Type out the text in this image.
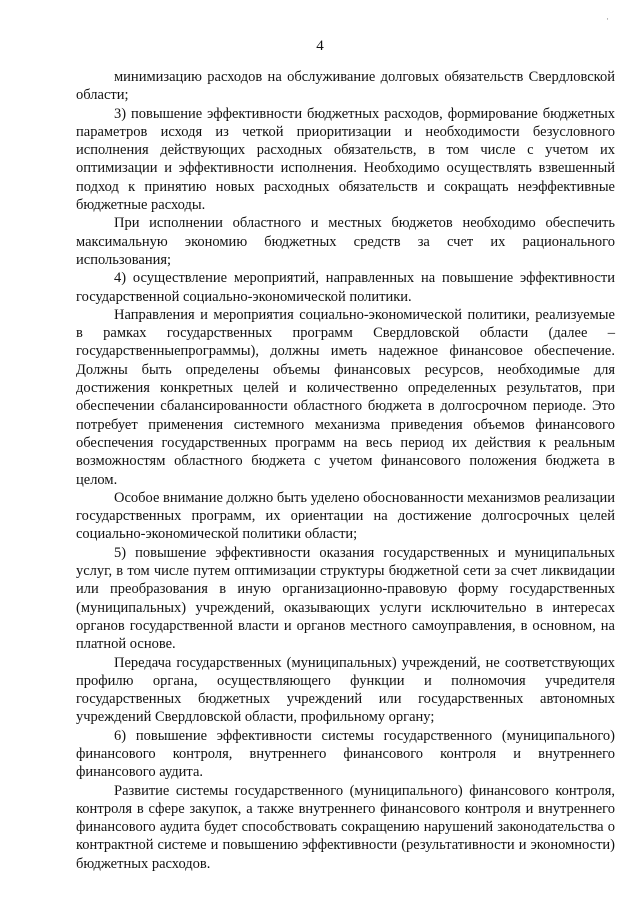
·
4

минимизацию расходов на обслуживание долговых обязательств Свердловской области;

3) повышение эффективности бюджетных расходов, формирование бюджетных параметров исходя из четкой приоритизации и необходимости безусловного исполнения действующих расходных обязательств, в том числе с учетом их оптимизации и эффективности исполнения. Необходимо осуществлять взвешенный подход к принятию новых расходных обязательств и сокращать неэффективные бюджетные расходы.

При исполнении областного и местных бюджетов необходимо обеспечить максимальную экономию бюджетных средств за счет их рационального использования;

4) осуществление мероприятий, направленных на повышение эффективности государственной социально-экономической политики.

Направления и мероприятия социально-экономической политики, реализуемые в рамках государственных программ Свердловской области (далее – государственныепрограммы), должны иметь надежное финансовое обеспечение. Должны быть определены объемы финансовых ресурсов, необходимые для достижения конкретных целей и количественно определенных результатов, при обеспечении сбалансированности областного бюджета в долгосрочном периоде. Это потребует применения системного механизма приведения объемов финансового обеспечения государственных программ на весь период их действия к реальным возможностям областного бюджета с учетом финансового положения бюджета в целом.

Особое внимание должно быть уделено обоснованности механизмов реализации государственных программ, их ориентации на достижение долгосрочных целей социально-экономической политики области;

5) повышение эффективности оказания государственных и муниципальных услуг, в том числе путем оптимизации структуры бюджетной сети за счет ликвидации или преобразования в иную организационно-правовую форму государственных (муниципальных) учреждений, оказывающих услуги исключительно в интересах органов государственной власти и органов местного самоуправления, в основном, на платной основе.

Передача государственных (муниципальных) учреждений, не соответствующих профилю органа, осуществляющего функции и полномочия учредителя государственных бюджетных учреждений или государственных автономных учреждений Свердловской области, профильному органу;

6) повышение эффективности системы государственного (муниципального) финансового контроля, внутреннего финансового контроля и внутреннего финансового аудита.

Развитие системы государственного (муниципального) финансового контроля, контроля в сфере закупок, а также внутреннего финансового контроля и внутреннего финансового аудита будет способствовать сокращению нарушений законодательства о контрактной системе и повышению эффективности (результативности и экономности) бюджетных расходов.
